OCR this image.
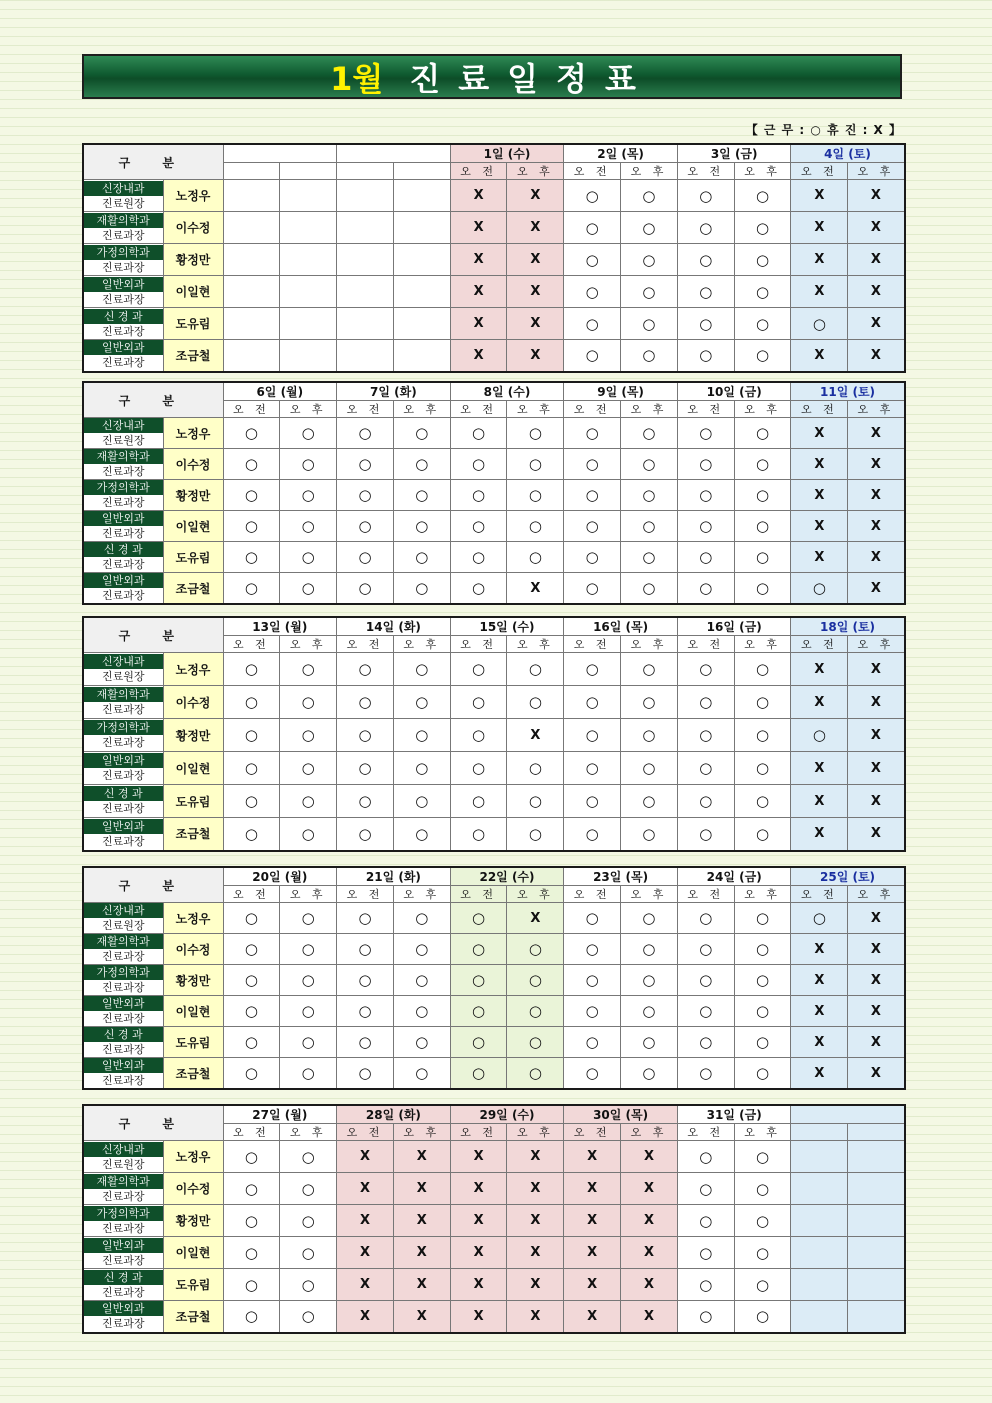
1월 진료일정표
【 근 무 : ○ 휴 진 : X 】
구 분						1일 (수)		2일 (목)		3일 (금)		4일 (토)	
						오 전	오 후	오 전	오 후	오 전	오 후	오 전	오 후

신장내과
진료원장	노정우					X	X	○	○	○	○	X	X

재활의학과
진료과장	이수정					X	X	○	○	○	○	X	X

가정의학과
진료과장	황정만					X	X	○	○	○	○	X	X

일반외과
진료과장	이일현					X	X	○	○	○	○	X	X

신 경 과
진료과장	도유림					X	X	○	○	○	○	○	X

일반외과
진료과장	조금철					X	X	○	○	○	○	X	X
구 분		6일 (월)		7일 (화)		8일 (수)		9일 (목)		10일 (금)		11일 (토)	
		오 전	오 후	오 전	오 후	오 전	오 후	오 전	오 후	오 전	오 후	오 전	오 후

신장내과
진료원장	노정우	○	○	○	○	○	○	○	○	○	○	X	X

재활의학과
진료과장	이수정	○	○	○	○	○	○	○	○	○	○	X	X

가정의학과
진료과장	황정만	○	○	○	○	○	○	○	○	○	○	X	X

일반외과
진료과장	이일현	○	○	○	○	○	○	○	○	○	○	X	X

신 경 과
진료과장	도유림	○	○	○	○	○	○	○	○	○	○	X	X

일반외과
진료과장	조금철	○	○	○	○	○	X	○	○	○	○	○	X
구 분		13일 (월)		14일 (화)		15일 (수)		16일 (목)		16일 (금)		18일 (토)	
		오 전	오 후	오 전	오 후	오 전	오 후	오 전	오 후	오 전	오 후	오 전	오 후

신장내과
진료원장	노정우	○	○	○	○	○	○	○	○	○	○	X	X

재활의학과
진료과장	이수정	○	○	○	○	○	○	○	○	○	○	X	X

가정의학과
진료과장	황정만	○	○	○	○	○	X	○	○	○	○	○	X

일반외과
진료과장	이일현	○	○	○	○	○	○	○	○	○	○	X	X

신 경 과
진료과장	도유림	○	○	○	○	○	○	○	○	○	○	X	X

일반외과
진료과장	조금철	○	○	○	○	○	○	○	○	○	○	X	X
구 분		20일 (월)		21일 (화)		22일 (수)		23일 (목)		24일 (금)		25일 (토)	
		오 전	오 후	오 전	오 후	오 전	오 후	오 전	오 후	오 전	오 후	오 전	오 후

신장내과
진료원장	노정우	○	○	○	○	○	X	○	○	○	○	○	X

재활의학과
진료과장	이수정	○	○	○	○	○	○	○	○	○	○	X	X

가정의학과
진료과장	황정만	○	○	○	○	○	○	○	○	○	○	X	X

일반외과
진료과장	이일현	○	○	○	○	○	○	○	○	○	○	X	X

신 경 과
진료과장	도유림	○	○	○	○	○	○	○	○	○	○	X	X

일반외과
진료과장	조금철	○	○	○	○	○	○	○	○	○	○	X	X
구 분		27일 (월)		28일 (화)		29일 (수)		30일 (목)		31일 (금)			
		오 전	오 후	오 전	오 후	오 전	오 후	오 전	오 후	오 전	오 후		

신장내과
진료원장	노정우	○	○	X	X	X	X	X	X	○	○		

재활의학과
진료과장	이수정	○	○	X	X	X	X	X	X	○	○		

가정의학과
진료과장	황정만	○	○	X	X	X	X	X	X	○	○		

일반외과
진료과장	이일현	○	○	X	X	X	X	X	X	○	○		

신 경 과
진료과장	도유림	○	○	X	X	X	X	X	X	○	○		

일반외과
진료과장	조금철	○	○	X	X	X	X	X	X	○	○		
